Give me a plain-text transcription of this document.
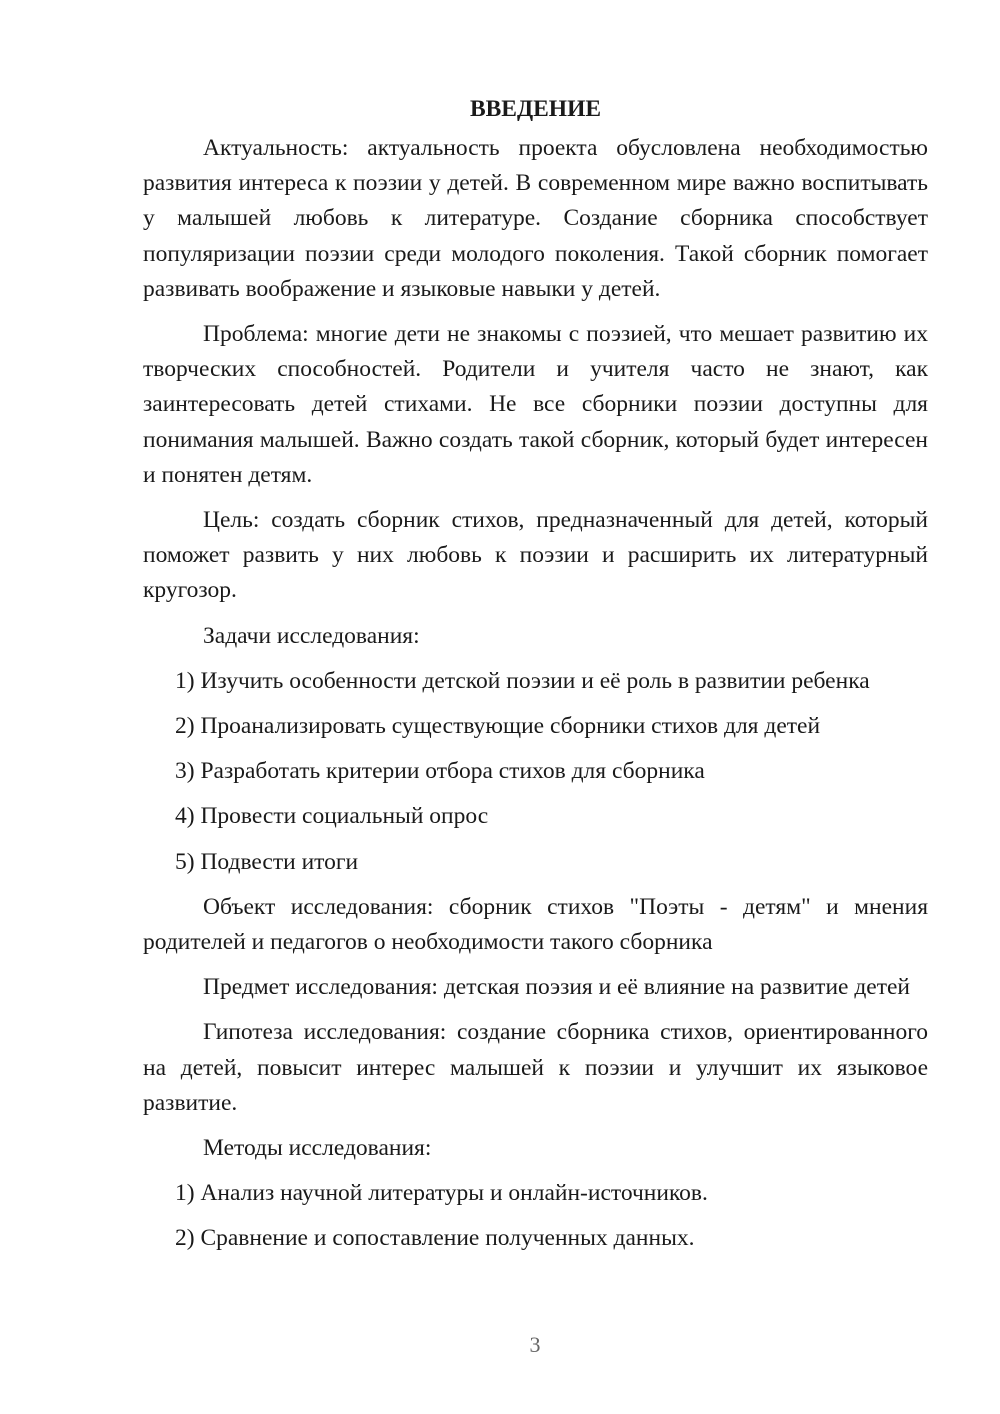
ВВЕДЕНИЕ

Актуальность: актуальность проекта обусловлена необходимостью развития интереса к поэзии у детей. В современном мире важно воспитывать у малышей любовь к литературе. Создание сборника способствует популяризации поэзии среди молодого поколения. Такой сборник помогает развивать воображение и языковые навыки у детей.

Проблема: многие дети не знакомы с поэзией, что мешает развитию их творческих способностей. Родители и учителя часто не знают, как заинтересовать детей стихами. Не все сборники поэзии доступны для понимания малышей. Важно создать такой сборник, который будет интересен и понятен детям.

Цель: создать сборник стихов, предназначенный для детей, который поможет развить у них любовь к поэзии и расширить их литературный кругозор.

Задачи исследования:

1) Изучить особенности детской поэзии и её роль в развитии ребенка
2) Проанализировать существующие сборники стихов для детей
3) Разработать критерии отбора стихов для сборника
4) Провести социальный опрос
5) Подвести итоги

Объект исследования: сборник стихов "Поэты - детям" и мнения родителей и педагогов о необходимости такого сборника

Предмет исследования: детская поэзия и её влияние на развитие детей

Гипотеза исследования: создание сборника стихов, ориентированного на детей, повысит интерес малышей к поэзии и улучшит их языковое развитие.

Методы исследования:

1) Анализ научной литературы и онлайн-источников.
2) Сравнение и сопоставление полученных данных.
3
